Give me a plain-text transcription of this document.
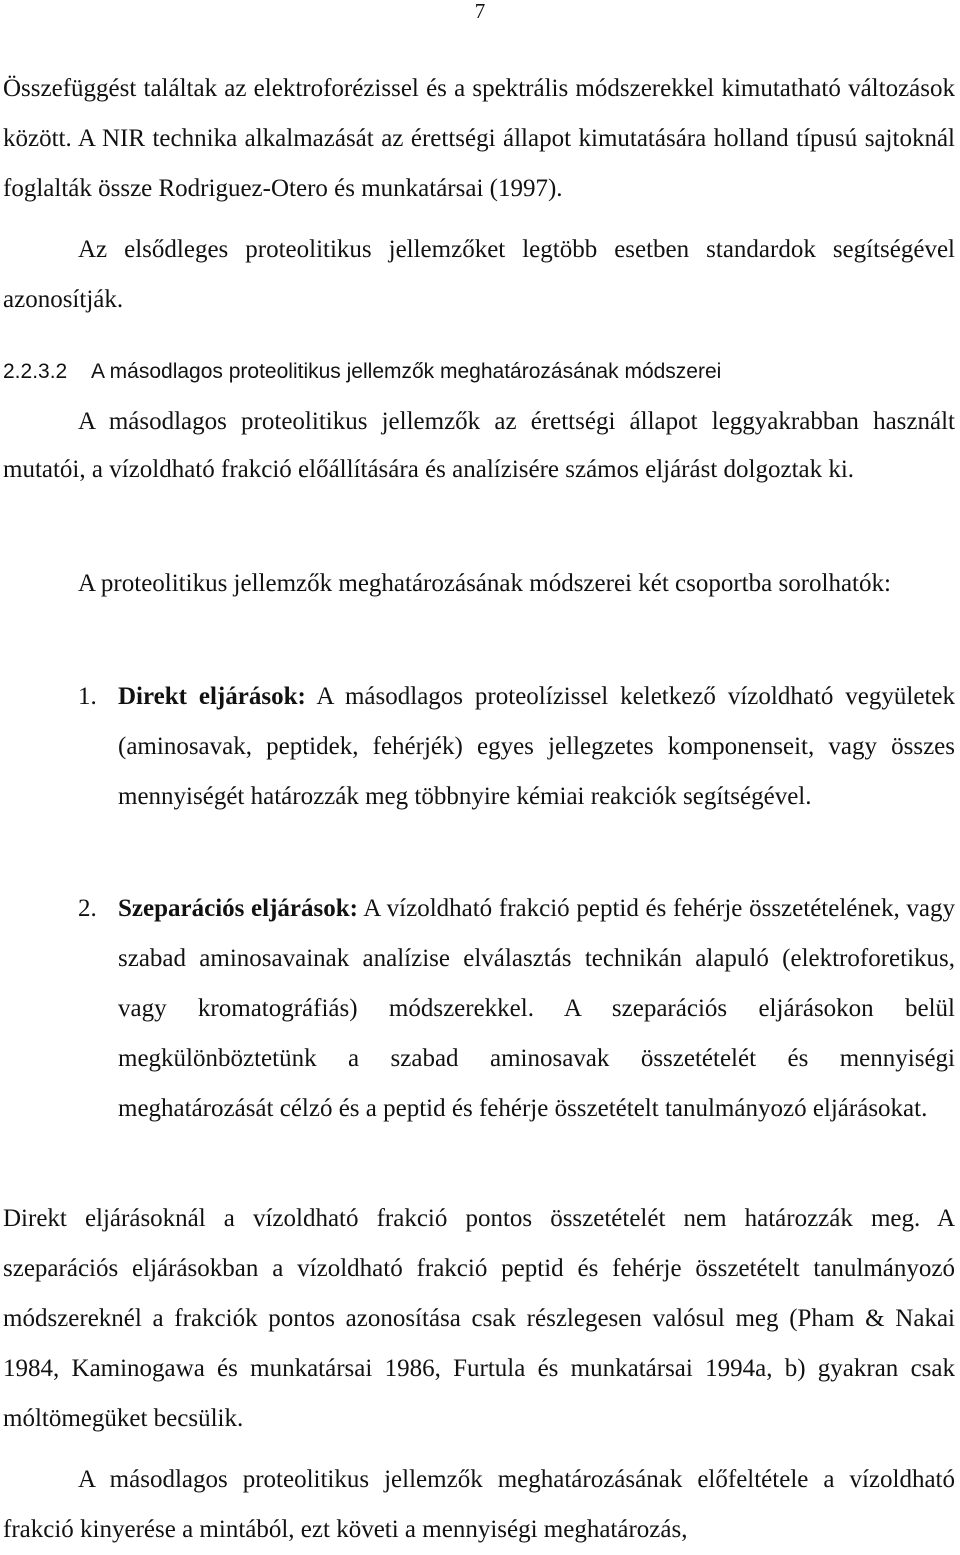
7

Összefüggést találtak az elektroforézissel és a spektrális módszerekkel kimutatható változások között. A NIR technika alkalmazását az érettségi állapot kimutatására holland típusú sajtoknál foglalták össze Rodriguez-Otero és munkatársai (1997).

Az elsődleges proteolitikus jellemzőket legtöbb esetben standardok segítségével azonosítják.

2.2.3.2 A másodlagos proteolitikus jellemzők meghatározásának módszerei

A másodlagos proteolitikus jellemzők az érettségi állapot leggyakrabban használt mutatói, a vízoldható frakció előállítására és analízisére számos eljárást dolgoztak ki.

A proteolitikus jellemzők meghatározásának módszerei két csoportba sorolhatók:

1. Direkt eljárások: A másodlagos proteolízissel keletkező vízoldható vegyületek (aminosavak, peptidek, fehérjék) egyes jellegzetes komponenseit, vagy összes mennyiségét határozzák meg többnyire kémiai reakciók segítségével.

2. Szeparációs eljárások: A vízoldható frakció peptid és fehérje összetételének, vagy szabad aminosavainak analízise elválasztás technikán alapuló (elektroforetikus, vagy kromatográfiás) módszerekkel. A szeparációs eljárásokon belül megkülönböztetünk a szabad aminosavak összetételét és mennyiségi meghatározását célzó és a peptid és fehérje összetételt tanulmányozó eljárásokat.

Direkt eljárásoknál a vízoldható frakció pontos összetételét nem határozzák meg. A szeparációs eljárásokban a vízoldható frakció peptid és fehérje összetételt tanulmányozó módszereknél a frakciók pontos azonosítása csak részlegesen valósul meg (Pham & Nakai 1984, Kaminogawa és munkatársai 1986, Furtula és munkatársai 1994a, b) gyakran csak móltömegüket becsülik.

A másodlagos proteolitikus jellemzők meghatározásának előfeltétele a vízoldható frakció kinyerése a mintából, ezt követi a mennyiségi meghatározás,
